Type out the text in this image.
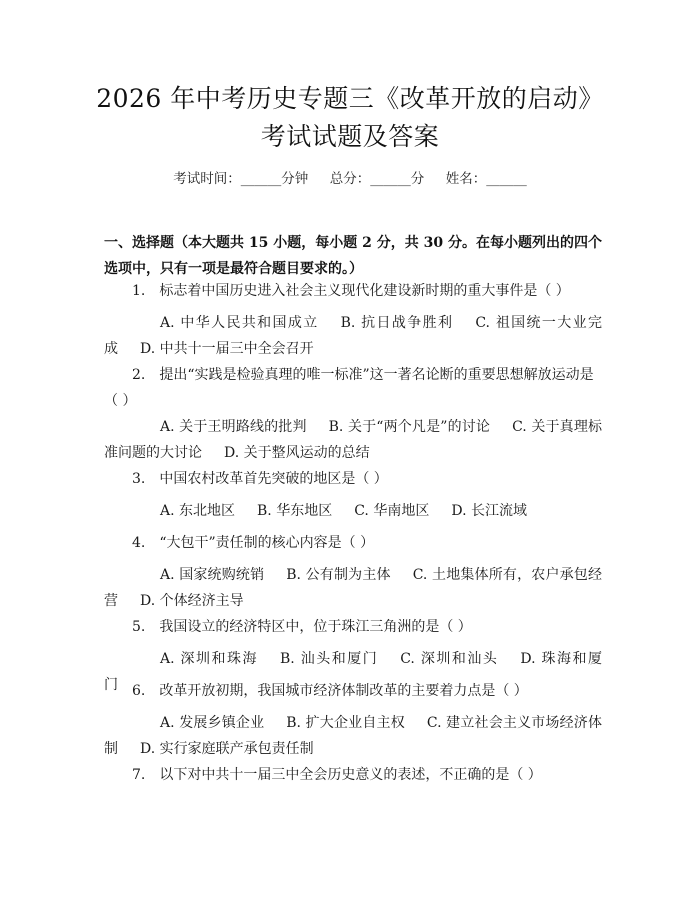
2026 年中考历史专题三《改革开放的启动》
考试试题及答案
考试时间：______分钟     总分：______分     姓名：______
一、选择题（本大题共 15 小题，每小题 2 分，共 30 分。在每小题列出的四个选项中，只有一项是最符合题目要求的。）
1. 标志着中国历史进入社会主义现代化建设新时期的重大事件是（ ）
A. 中华人民共和国成立 B. 抗日战争胜利 C. 祖国统一大业完成 D. 中共十一届三中全会召开
2. 提出“实践是检验真理的唯一标准”这一著名论断的重要思想解放运动是（ ）
A. 关于王明路线的批判 B. 关于“两个凡是”的讨论 C. 关于真理标准问题的大讨论 D. 关于整风运动的总结
3. 中国农村改革首先突破的地区是（ ）
A. 东北地区 B. 华东地区 C. 华南地区 D. 长江流域
4. “大包干”责任制的核心内容是（ ）
A. 国家统购统销 B. 公有制为主体 C. 土地集体所有，农户承包经营 D. 个体经济主导
5. 我国设立的经济特区中，位于珠江三角洲的是（ ）
A. 深圳和珠海 B. 汕头和厦门 C. 深圳和汕头 D. 珠海和厦门	6. 改革开放初期，我国城市经济体制改革的主要着力点是（ ）
A. 发展乡镇企业 B. 扩大企业自主权 C. 建立社会主义市场经济体制 D. 实行家庭联产承包责任制
7. 以下对中共十一届三中全会历史意义的表述，不正确的是（ ）
